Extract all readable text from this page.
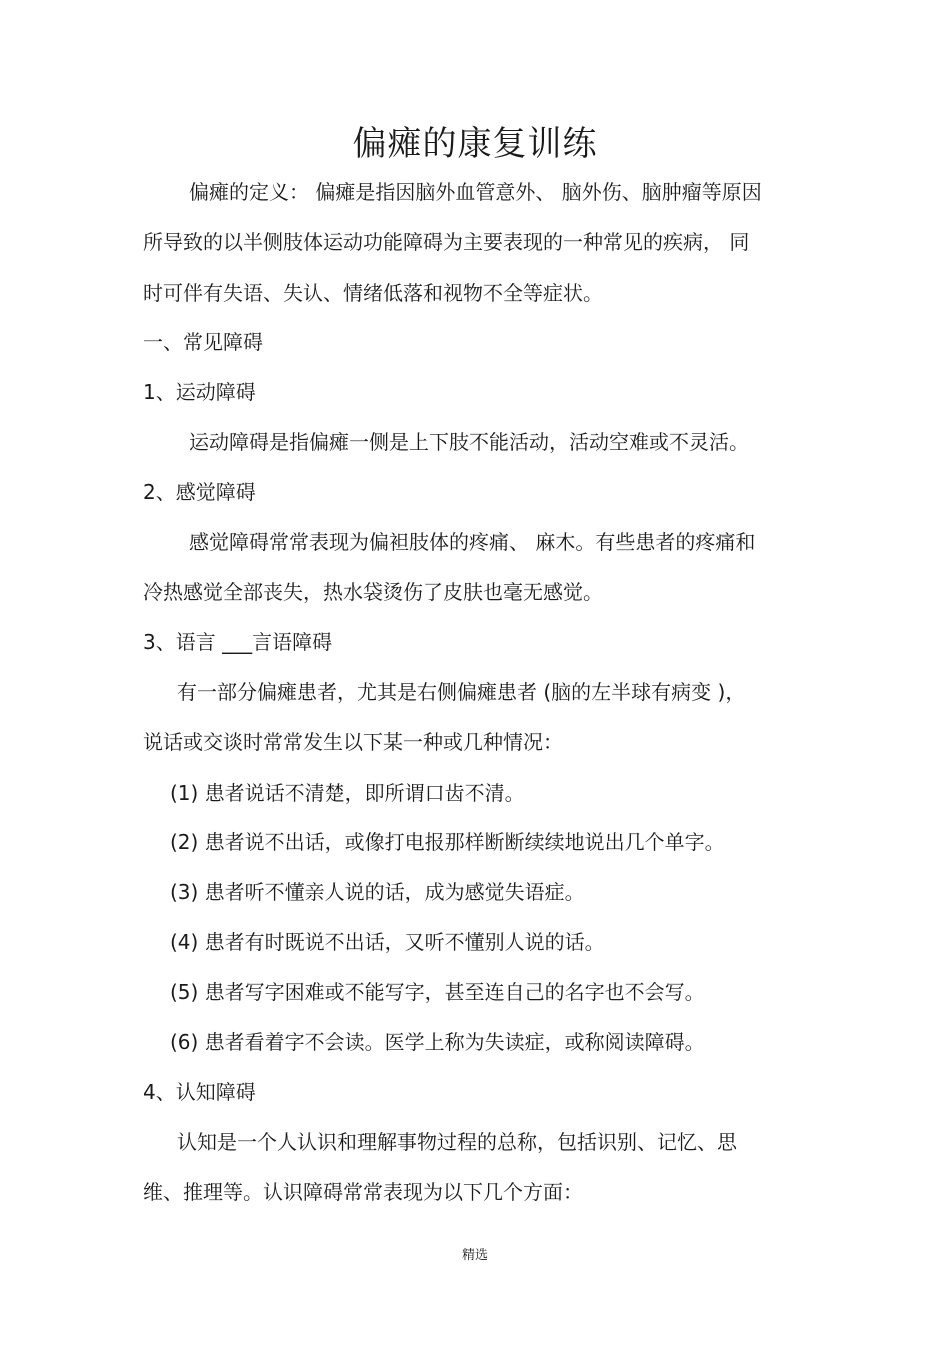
偏瘫的康复训练
偏瘫的定义： 偏瘫是指因脑外血管意外、 脑外伤、脑肿瘤等原因
所导致的以半侧肢体运动功能障碍为主要表现的一种常见的疾病， 同
时可伴有失语、失认、情绪低落和视物不全等症状。
一、常见障碍
1、运动障碍
运动障碍是指偏瘫一侧是上下肢不能活动，活动空难或不灵活。
2、感觉障碍
感觉障碍常常表现为偏袒肢体的疼痛、 麻木。有些患者的疼痛和
冷热感觉全部丧失，热水袋烫伤了皮肤也毫无感觉。
3、语言 ___言语障碍
有一部分偏瘫患者，尤其是右侧偏瘫患者 (脑的左半球有病变 )，
说话或交谈时常常发生以下某一种或几种情况：
(1) 患者说话不清楚，即所谓口齿不清。
(2) 患者说不出话，或像打电报那样断断续续地说出几个单字。
(3) 患者听不懂亲人说的话，成为感觉失语症。
(4) 患者有时既说不出话，又听不懂别人说的话。
(5) 患者写字困难或不能写字，甚至连自己的名字也不会写。
(6) 患者看着字不会读。医学上称为失读症，或称阅读障碍。
4、认知障碍
认知是一个人认识和理解事物过程的总称，包括识别、记忆、思
维、推理等。认识障碍常常表现为以下几个方面：
精选
